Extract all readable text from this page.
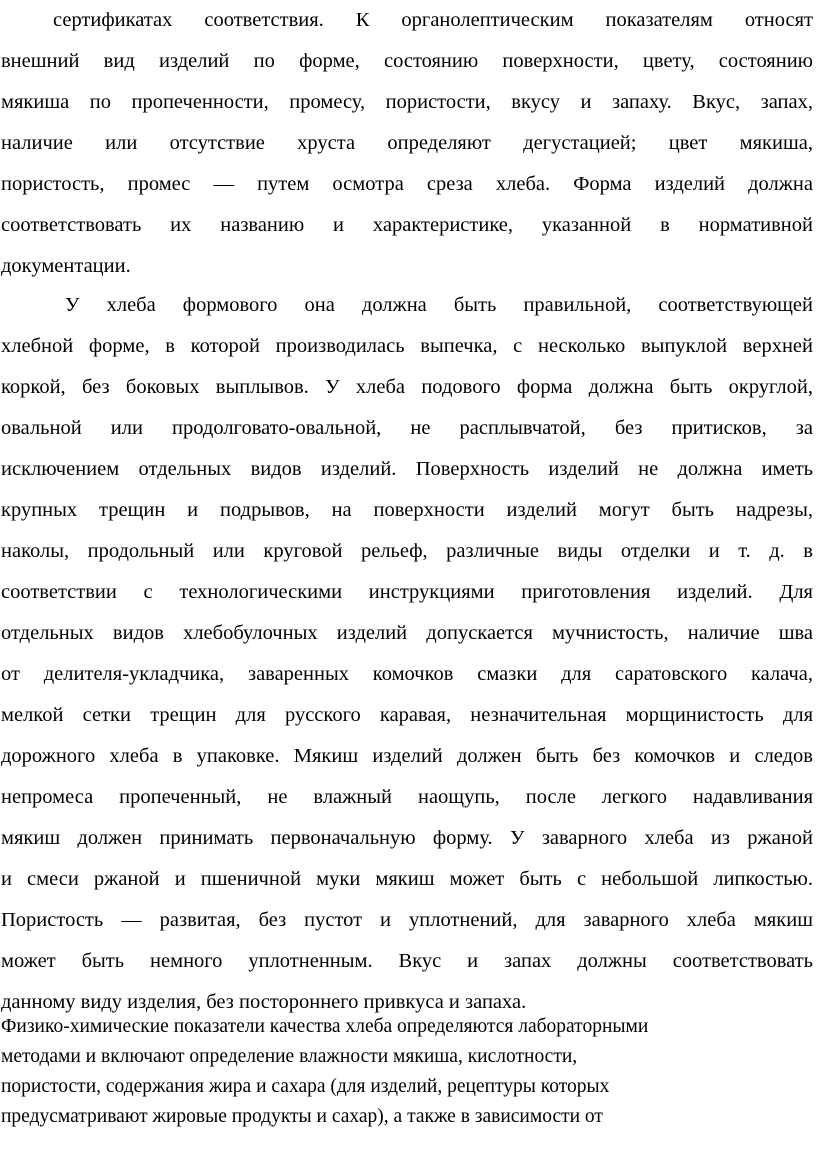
сертификатах соответствия. К органолептическим показателям относят
внешний вид изделий по форме, состоянию поверхности, цвету, состоянию
мякиша по пропеченности, промесу, пористости, вкусу и запаху. Вкус, запах,
наличие или отсутствие хруста определяют дегустацией; цвет мякиша,
пористость, промес — путем осмотра среза хлеба. Форма изделий должна
соответствовать их названию и характеристике, указанной в нормативной
документации.
У хлеба формового она должна быть правильной, соответствующей
хлебной форме, в которой производилась выпечка, с несколько выпуклой верхней
коркой, без боковых выплывов. У хлеба подового форма должна быть округлой,
овальной или продолговато-овальной, не расплывчатой, без притисков, за
исключением отдельных видов изделий. Поверхность изделий не должна иметь
крупных трещин и подрывов, на поверхности изделий могут быть надрезы,
наколы, продольный или круговой рельеф, различные виды отделки и т. д. в
соответствии с технологическими инструкциями приготовления изделий. Для
отдельных видов хлебобулочных изделий допускается мучнистость, наличие шва
от делителя-укладчика, заваренных комочков смазки для саратовского калача,
мелкой сетки трещин для русского каравая, незначительная морщинистость для
дорожного хлеба в упаковке. Мякиш изделий должен быть без комочков и следов
непромеса пропеченный, не влажный наощупь, после легкого надавливания
мякиш должен принимать первоначальную форму. У заварного хлеба из ржаной
и смеси ржаной и пшеничной муки мякиш может быть с небольшой липкостью.
Пористость — развитая, без пустот и уплотнений, для заварного хлеба мякиш
может быть немного уплотненным. Вкус и запах должны соответствовать
данному виду изделия, без постороннего привкуса и запаха.
Физико-химические показатели качества хлеба определяются лабораторными
методами и включают определение влажности мякиша, кислотности,
пористости, содержания жира и сахара (для изделий, рецептуры которых
предусматривают жировые продукты и сахар), а также в зависимости от
